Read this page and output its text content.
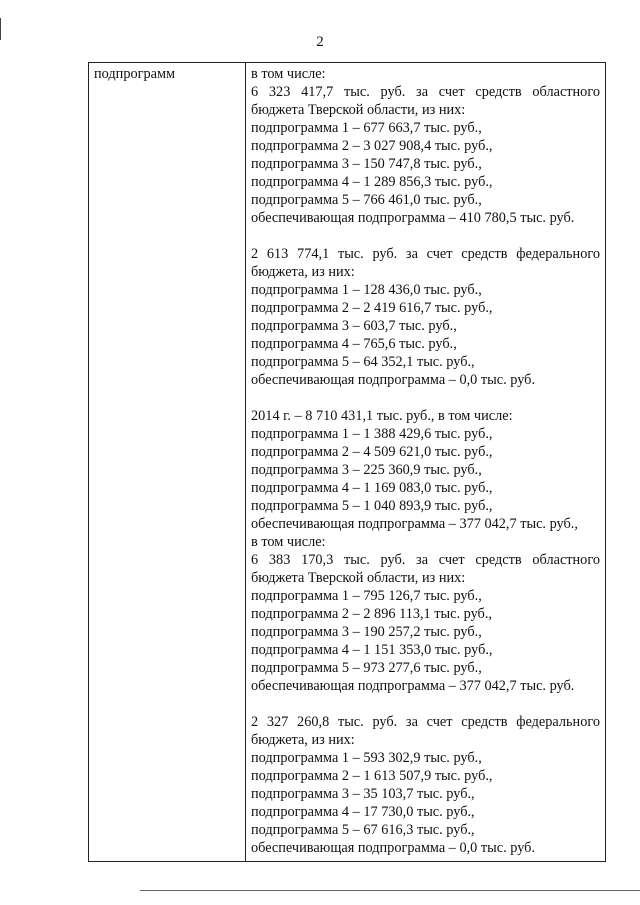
2
подпрограмм	в том числе:
6 323 417,7 тыс. руб. за счет средств областного
бюджета Тверской области, из них:
подпрограмма 1 – 677 663,7 тыс. руб.,
подпрограмма 2 – 3 027 908,4 тыс. руб.,
подпрограмма 3 – 150 747,8 тыс. руб.,
подпрограмма 4 – 1 289 856,3 тыс. руб.,
подпрограмма 5 – 766 461,0 тыс. руб.,
обеспечивающая подпрограмма – 410 780,5 тыс. руб.
2 613 774,1 тыс. руб. за счет средств федерального
бюджета, из них:
подпрограмма 1 – 128 436,0 тыс. руб.,
подпрограмма 2 – 2 419 616,7 тыс. руб.,
подпрограмма 3 – 603,7 тыс. руб.,
подпрограмма 4 – 765,6 тыс. руб.,
подпрограмма 5 – 64 352,1 тыс. руб.,
обеспечивающая подпрограмма – 0,0 тыс. руб.
2014 г. – 8 710 431,1 тыс. руб., в том числе:
подпрограмма 1 – 1 388 429,6 тыс. руб.,
подпрограмма 2 – 4 509 621,0 тыс. руб.,
подпрограмма 3 – 225 360,9 тыс. руб.,
подпрограмма 4 – 1 169 083,0 тыс. руб.,
подпрограмма 5 – 1 040 893,9 тыс. руб.,
обеспечивающая подпрограмма – 377 042,7 тыс. руб.,
в том числе:
6 383 170,3 тыс. руб. за счет средств областного
бюджета Тверской области, из них:
подпрограмма 1 – 795 126,7 тыс. руб.,
подпрограмма 2 – 2 896 113,1 тыс. руб.,
подпрограмма 3 – 190 257,2 тыс. руб.,
подпрограмма 4 – 1 151 353,0 тыс. руб.,
подпрограмма 5 – 973 277,6 тыс. руб.,
обеспечивающая подпрограмма – 377 042,7 тыс. руб.
2 327 260,8 тыс. руб. за счет средств федерального
бюджета, из них:
подпрограмма 1 – 593 302,9 тыс. руб.,
подпрограмма 2 – 1 613 507,9 тыс. руб.,
подпрограмма 3 – 35 103,7 тыс. руб.,
подпрограмма 4 – 17 730,0 тыс. руб.,
подпрограмма 5 – 67 616,3 тыс. руб.,
обеспечивающая подпрограмма – 0,0 тыс. руб.
